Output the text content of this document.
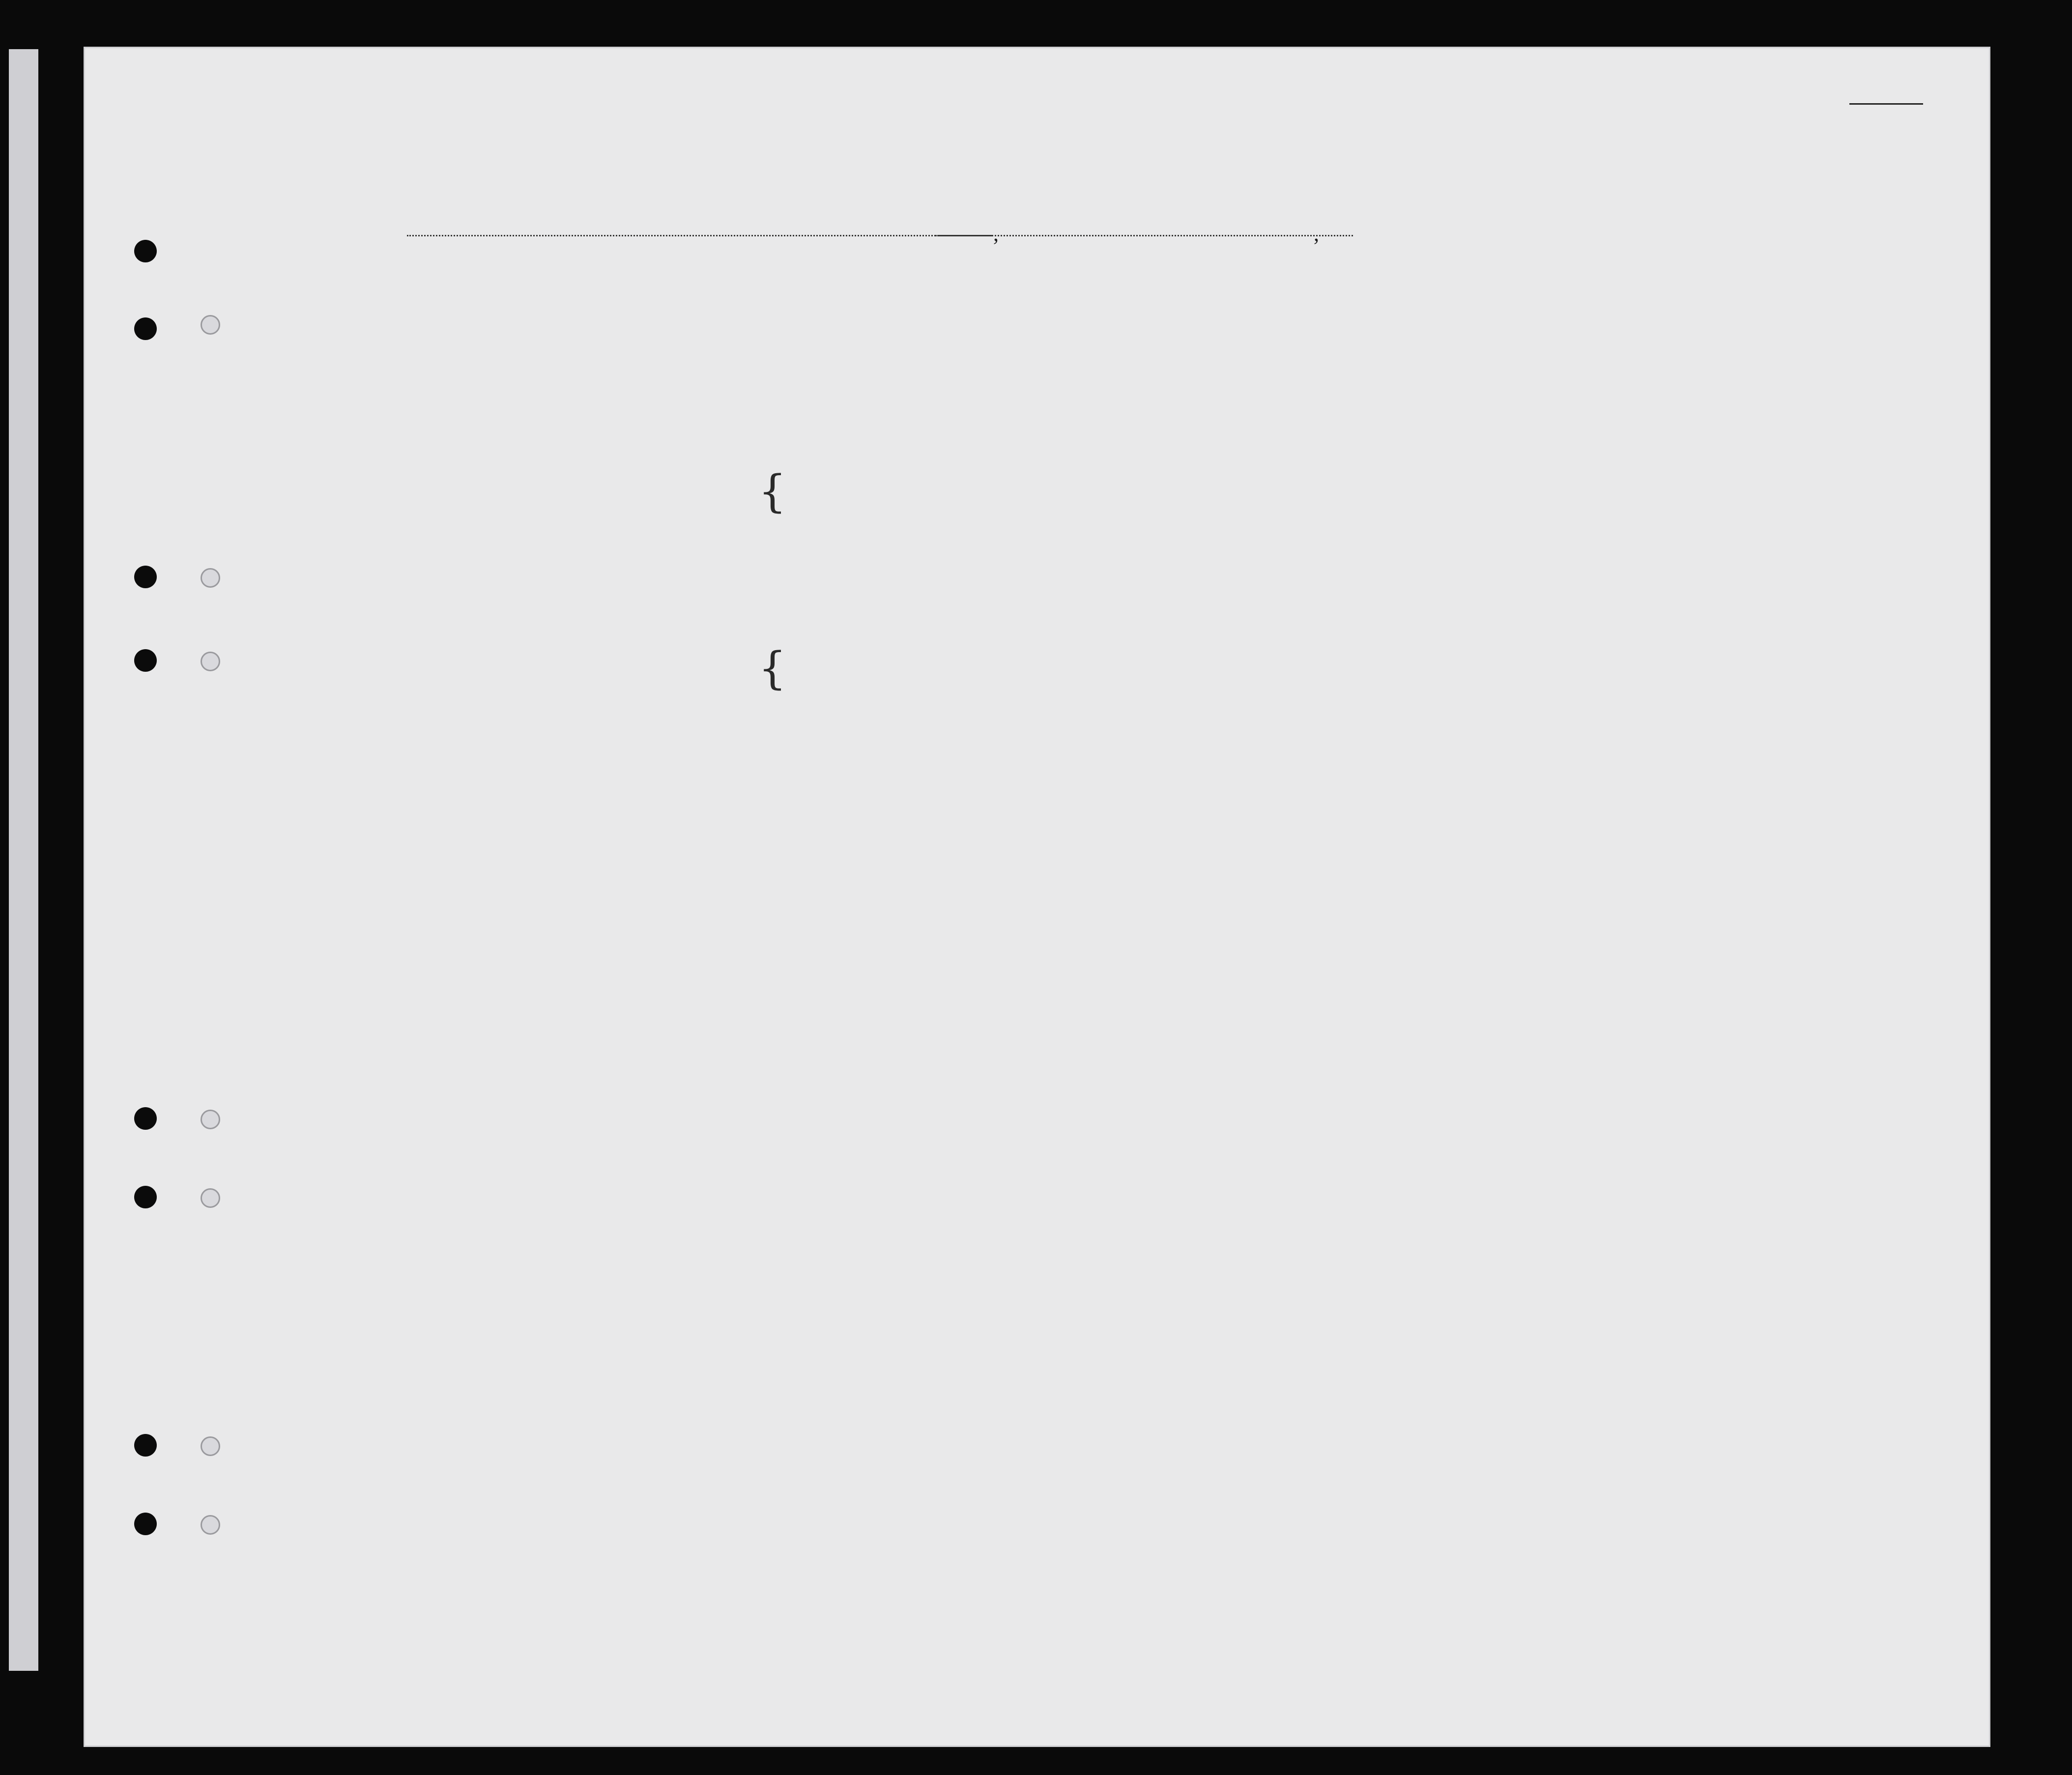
,	,
{
{
